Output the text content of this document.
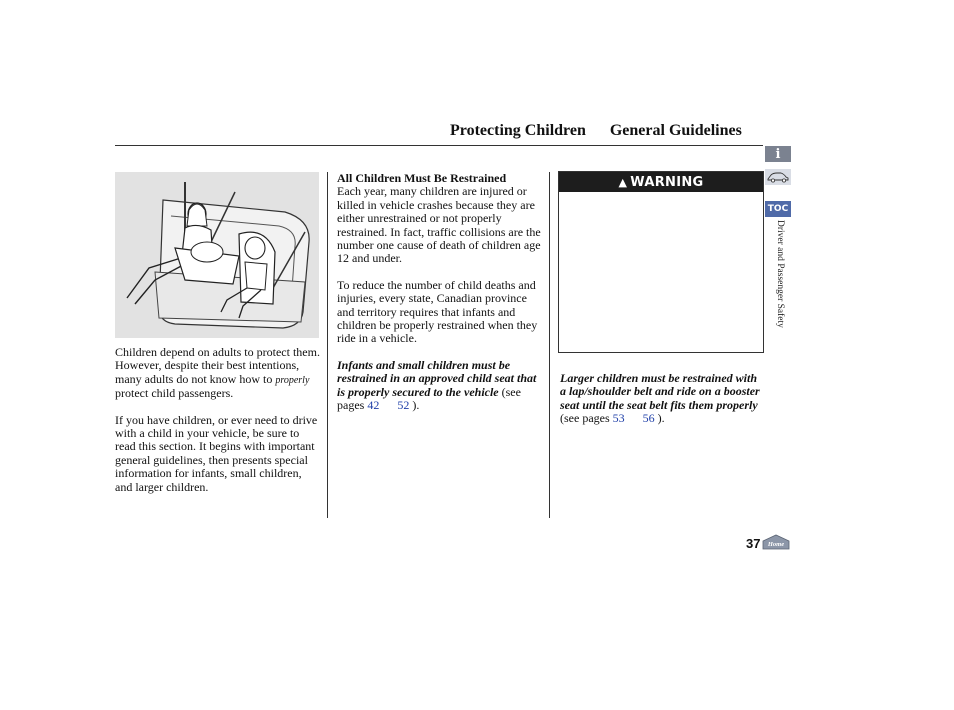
Protecting Children General Guidelines

Children depend on adults to protect them. However, despite their best intentions, many adults do not know how to properly protect child passengers.

If you have children, or ever need to drive with a child in your vehicle, be sure to read this section. It begins with important general guidelines, then presents special information for infants, small children, and larger children.

All Children Must Be Restrained

Each year, many children are injured or killed in vehicle crashes because they are either unrestrained or not properly restrained. In fact, traffic collisions are the number one cause of death of children age 12 and under.

To reduce the number of child deaths and injuries, every state, Canadian province and territory requires that infants and children be properly restrained when they ride in a vehicle.

Infants and small children must be restrained in an approved child seat that is properly secured to the vehicle (see pages 42 52 ).

▲ WARNING

Larger children must be restrained with a lap/shoulder belt and ride on a booster seat until the seat belt fits them properly (see pages 53 56 ).

i
TOC
Driver and Passenger Safety
37 Home
